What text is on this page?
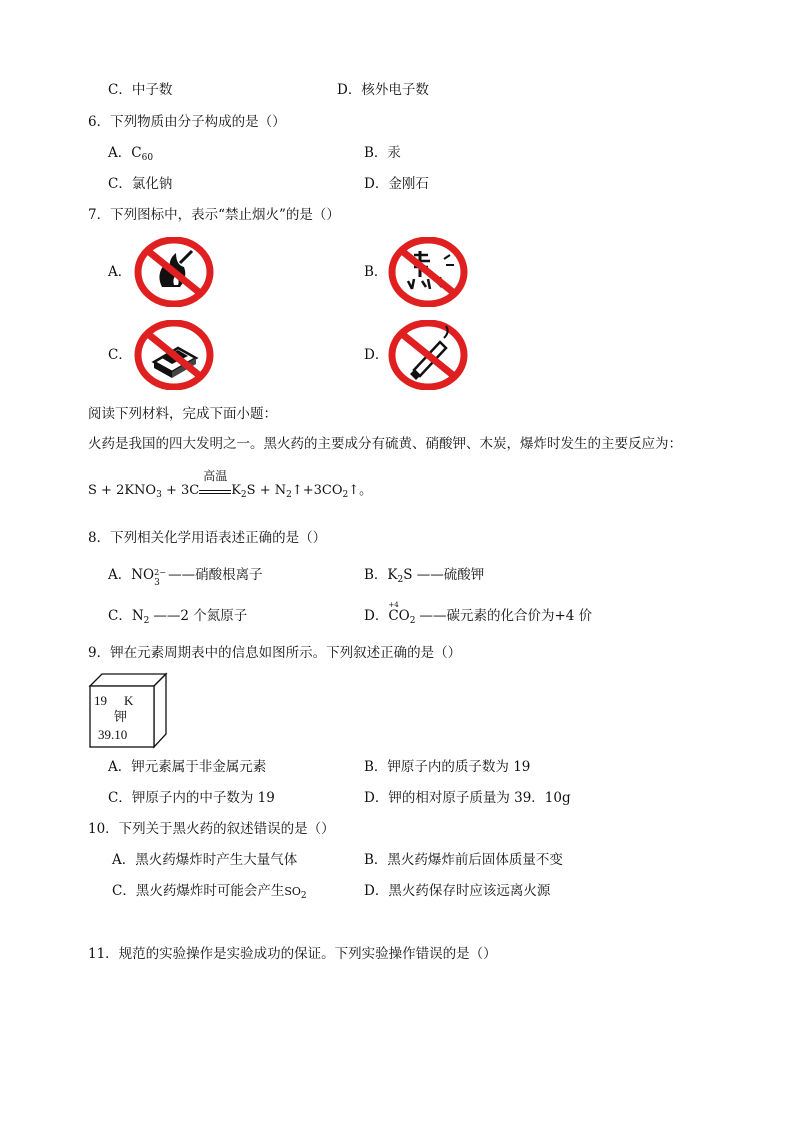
C．中子数	D．核外电子数
6．下列物质由分子构成的是（）
A．$C_{60}$	B．汞
C．氯化钠	D．金刚石
7．下列图标中，表示“禁止烟火”的是（）
A．	B．
C．	D．
阅读下列材料，完成下面小题：
火药是我国的四大发明之一。黑火药的主要成分有硫黄、硝酸钾、木炭，爆炸时发生的主要反应为：
$S + 2KNO_3 + 3C$
高温
$K_2S$ + $N_2↑+3CO_2↑$。
8．下列相关化学用语表述正确的是（）
A．NO 2−
3 ——硝酸根离子	B．$K_2S$ ——硫酸钾
C．$N_2$ ——2 个氮原子	D．
+4
$CO_2$ ——碳元素的化合价为+4 价
9．钾在元素周期表中的信息如图所示。下列叙述正确的是（）
19 K
钾
39.10
A．钾元素属于非金属元素	B．钾原子内的质子数为 19
C．钾原子内的中子数为 19	D．钾的相对原子质量为 39．10g
10．下列关于黑火药的叙述错误的是（）
A．黑火药爆炸时产生大量气体	B．黑火药爆炸前后固体质量不变
C．黑火药爆炸时可能会产生$SO_2$	D．黑火药保存时应该远离火源
11．规范的实验操作是实验成功的保证。下列实验操作错误的是（）
